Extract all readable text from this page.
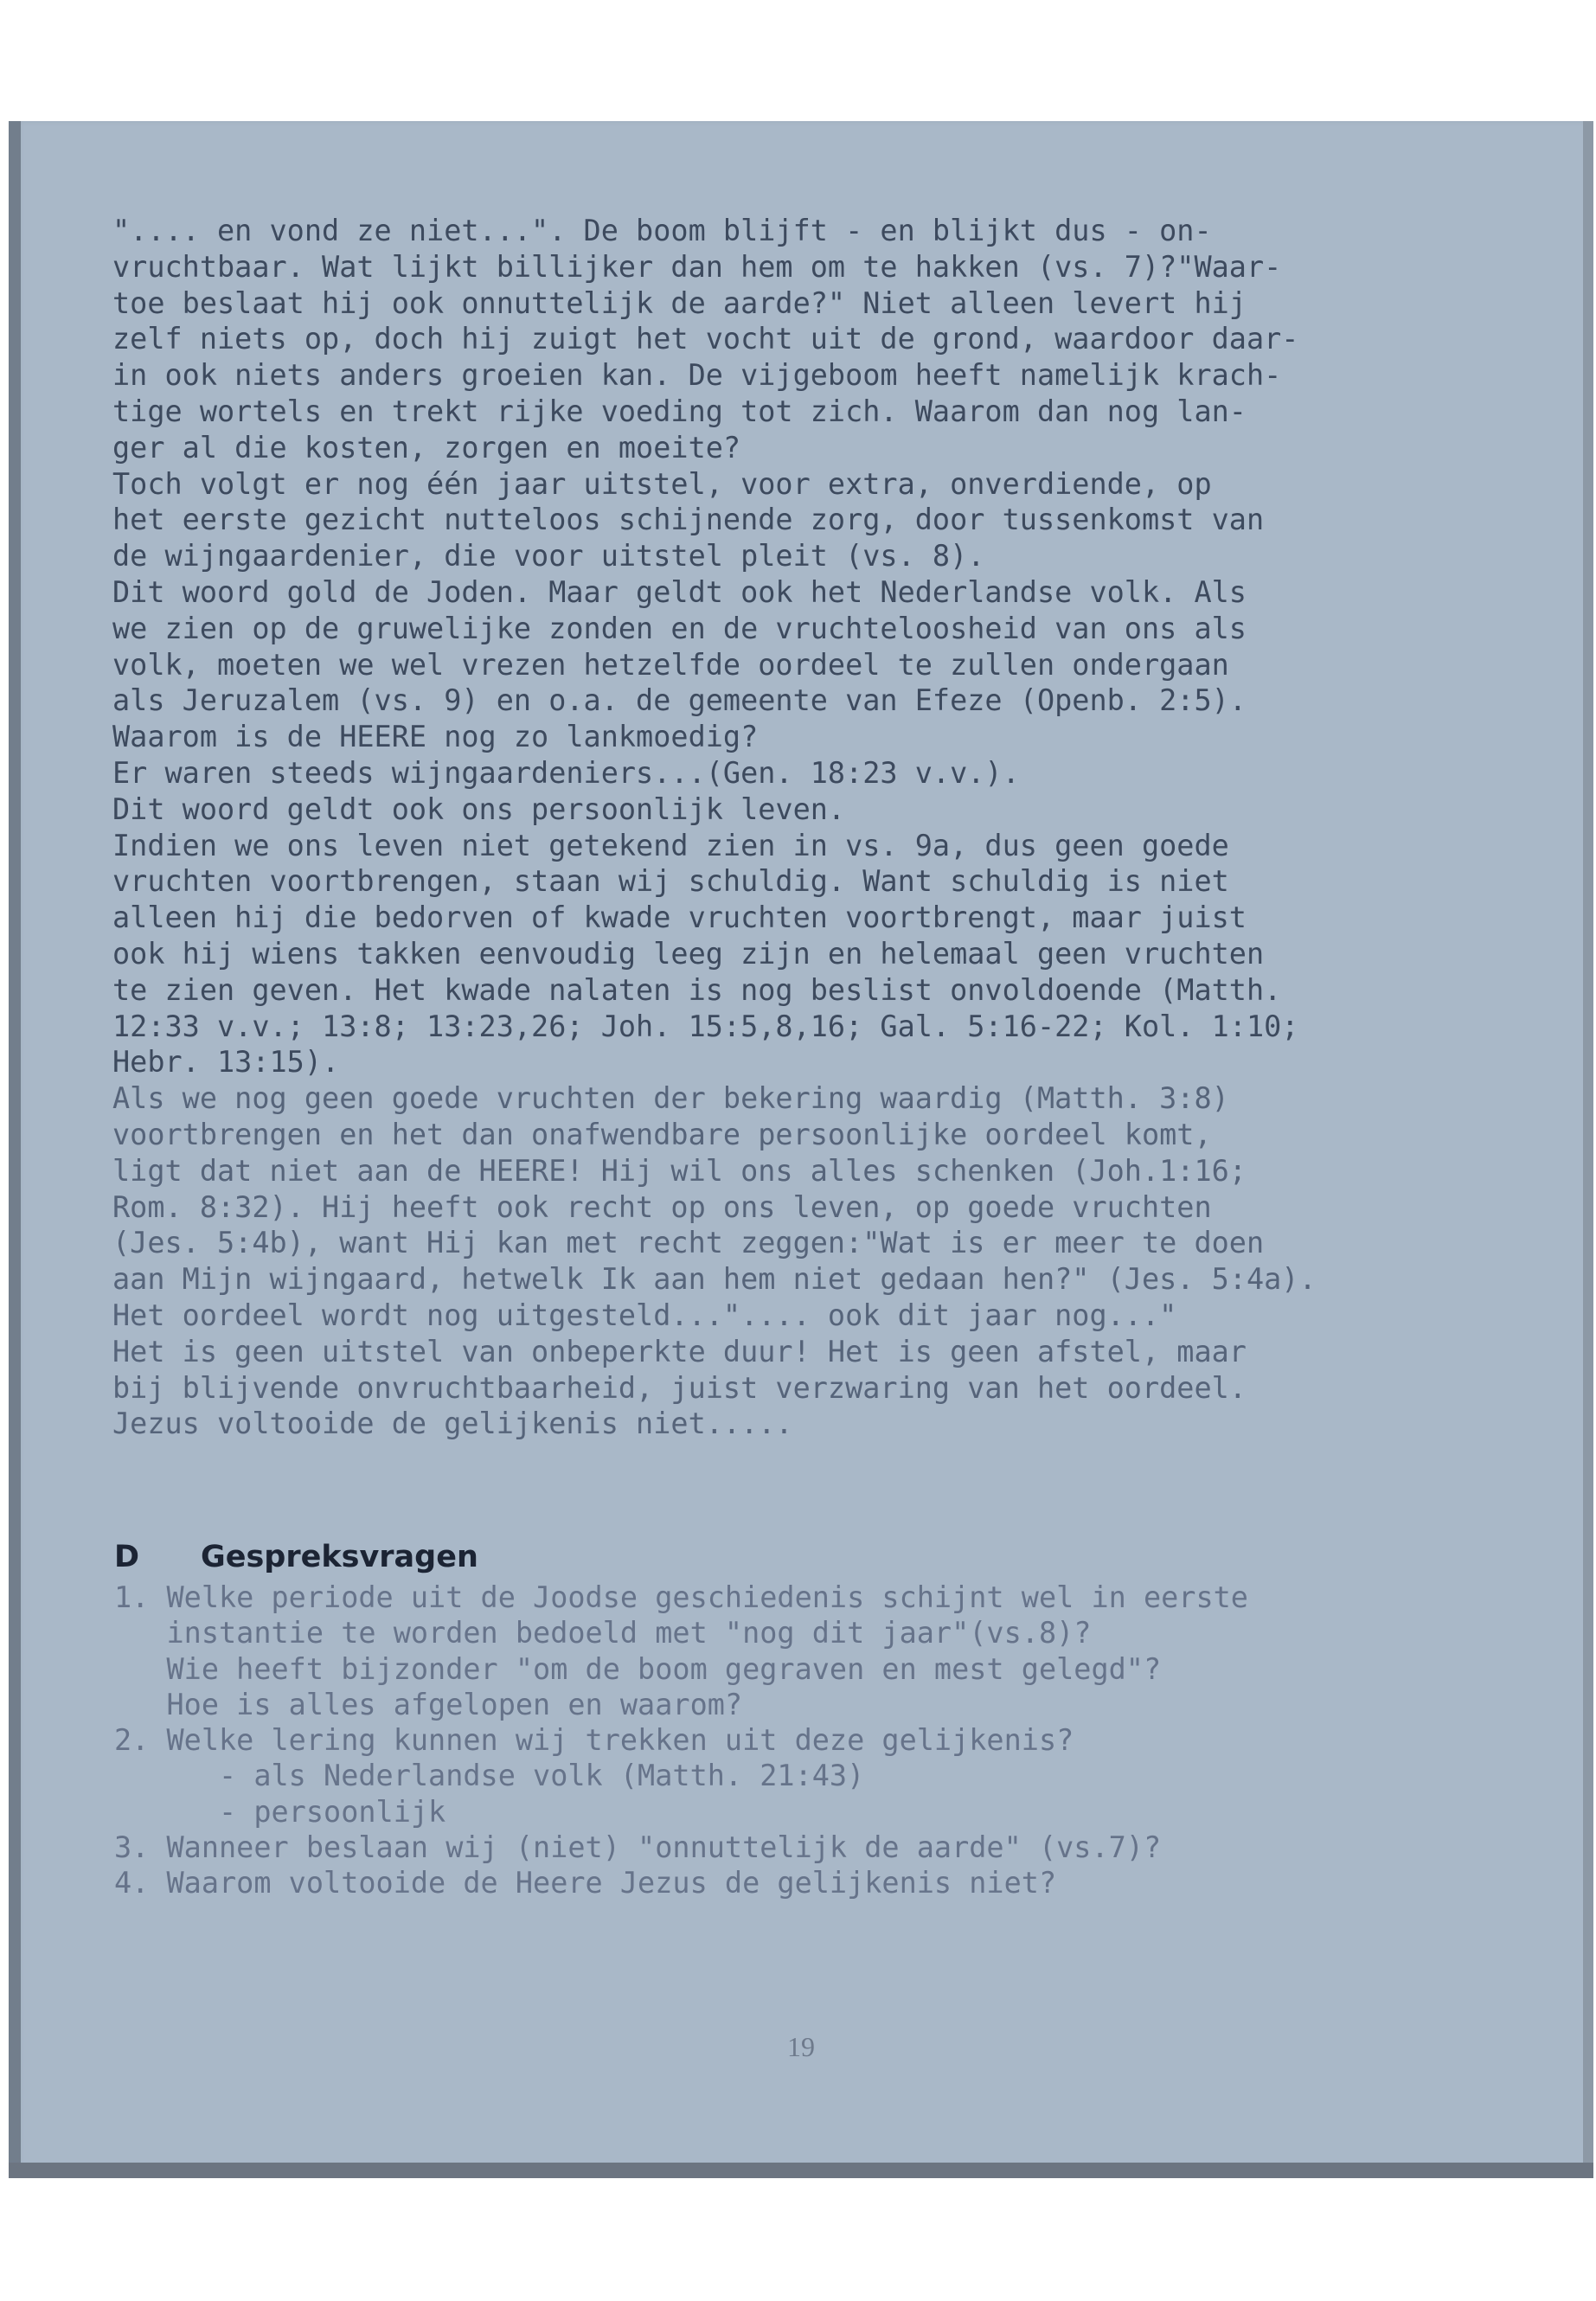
".... en vond ze niet...". De boom blijft - en blijkt dus - on-
vruchtbaar. Wat lijkt billijker dan hem om te hakken (vs. 7)?"Waar-
toe beslaat hij ook onnuttelijk de aarde?" Niet alleen levert hij
zelf niets op, doch hij zuigt het vocht uit de grond, waardoor daar-
in ook niets anders groeien kan. De vijgeboom heeft namelijk krach-
tige wortels en trekt rijke voeding tot zich. Waarom dan nog lan-
ger al die kosten, zorgen en moeite?
Toch volgt er nog één jaar uitstel, voor extra, onverdiende, op
het eerste gezicht nutteloos schijnende zorg, door tussenkomst van
de wijngaardenier, die voor uitstel pleit (vs. 8).
Dit woord gold de Joden. Maar geldt ook het Nederlandse volk. Als
we zien op de gruwelijke zonden en de vruchteloosheid van ons als
volk, moeten we wel vrezen hetzelfde oordeel te zullen ondergaan
als Jeruzalem (vs. 9) en o.a. de gemeente van Efeze (Openb. 2:5).
Waarom is de HEERE nog zo lankmoedig?
Er waren steeds wijngaardeniers...(Gen. 18:23 v.v.).
Dit woord geldt ook ons persoonlijk leven.
Indien we ons leven niet getekend zien in vs. 9a, dus geen goede
vruchten voortbrengen, staan wij schuldig. Want schuldig is niet
alleen hij die bedorven of kwade vruchten voortbrengt, maar juist
ook hij wiens takken eenvoudig leeg zijn en helemaal geen vruchten
te zien geven. Het kwade nalaten is nog beslist onvoldoende (Matth.
12:33 v.v.; 13:8; 13:23,26; Joh. 15:5,8,16; Gal. 5:16-22; Kol. 1:10;
Hebr. 13:15).
Als we nog geen goede vruchten der bekering waardig (Matth. 3:8)
voortbrengen en het dan onafwendbare persoonlijke oordeel komt,
ligt dat niet aan de HEERE! Hij wil ons alles schenken (Joh.1:16;
Rom. 8:32). Hij heeft ook recht op ons leven, op goede vruchten
(Jes. 5:4b), want Hij kan met recht zeggen:"Wat is er meer te doen
aan Mijn wijngaard, hetwelk Ik aan hem niet gedaan hen?" (Jes. 5:4a).
Het oordeel wordt nog uitgesteld...".... ook dit jaar nog..."
Het is geen uitstel van onbeperkte duur! Het is geen afstel, maar
bij blijvende onvruchtbaarheid, juist verzwaring van het oordeel.
Jezus voltooide de gelijkenis niet.....
D	Gespreksvragen
1. Welke periode uit de Joodse geschiedenis schijnt wel in eerste
instantie te worden bedoeld met "nog dit jaar"(vs.8)?
Wie heeft bijzonder "om de boom gegraven en mest gelegd"?
Hoe is alles afgelopen en waarom?
2. Welke lering kunnen wij trekken uit deze gelijkenis?
- als Nederlandse volk (Matth. 21:43)
- persoonlijk
3. Wanneer beslaan wij (niet) "onnuttelijk de aarde" (vs.7)?
4. Waarom voltooide de Heere Jezus de gelijkenis niet?
19
